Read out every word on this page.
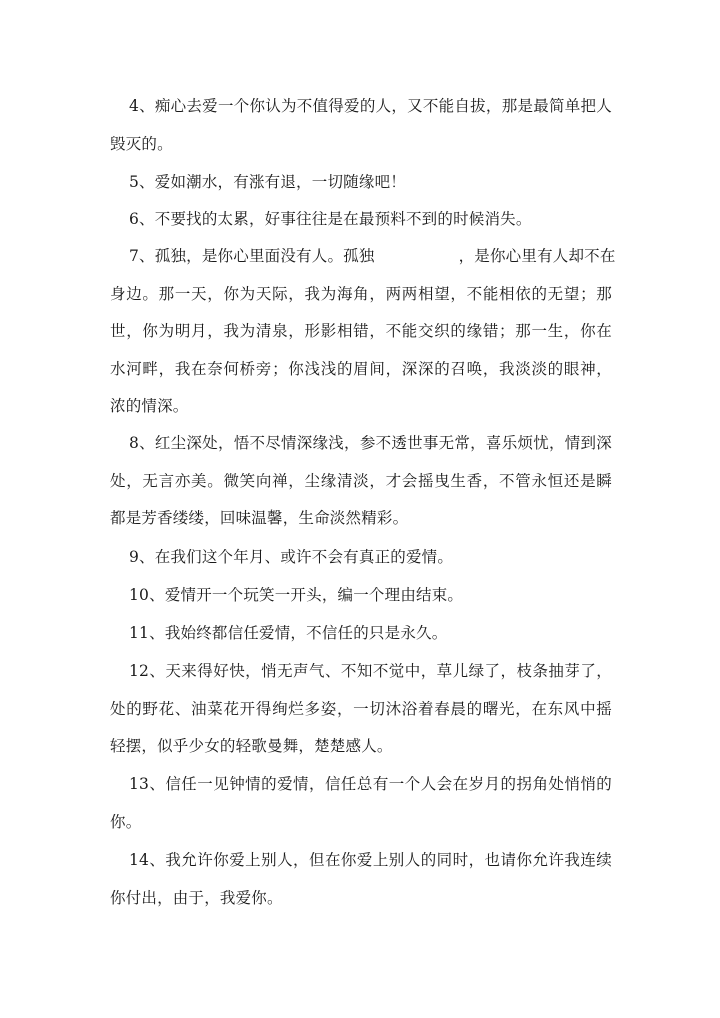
4、痴心去爱一个你认为不值得爱的人，又不能自拔，那是最简单把人
毁灭的。
5、爱如潮水，有涨有退，一切随缘吧！
6、不要找的太累，好事往往是在最预料不到的时候消失。
7、孤独，是你心里面没有人。孤独	，是你心里有人却不在
身边。那一天，你为天际，我为海角，两两相望，不能相依的无望；那
世，你为明月，我为清泉，形影相错，不能交织的缘错；那一生，你在
水河畔，我在奈何桥旁；你浅浅的眉间，深深的召唤，我淡淡的眼神，
浓的情深。
8、红尘深处，悟不尽情深缘浅，参不透世事无常，喜乐烦忧，情到深
处，无言亦美。微笑向禅，尘缘清淡，才会摇曳生香，不管永恒还是瞬
都是芳香缕缕，回味温馨，生命淡然精彩。
9、在我们这个年月、或许不会有真正的爱情。
10、爱情开一个玩笑一开头，编一个理由结束。
11、我始终都信任爱情，不信任的只是永久。
12、天来得好快，悄无声气、不知不觉中，草儿绿了，枝条抽芽了，
处的野花、油菜花开得绚烂多姿，一切沐浴着春晨的曙光，在东风中摇
轻摆，似乎少女的轻歌曼舞，楚楚感人。
13、信任一见钟情的爱情，信任总有一个人会在岁月的拐角处悄悄的
你。
14、我允许你爱上别人，但在你爱上别人的同时，也请你允许我连续
你付出，由于，我爱你。
